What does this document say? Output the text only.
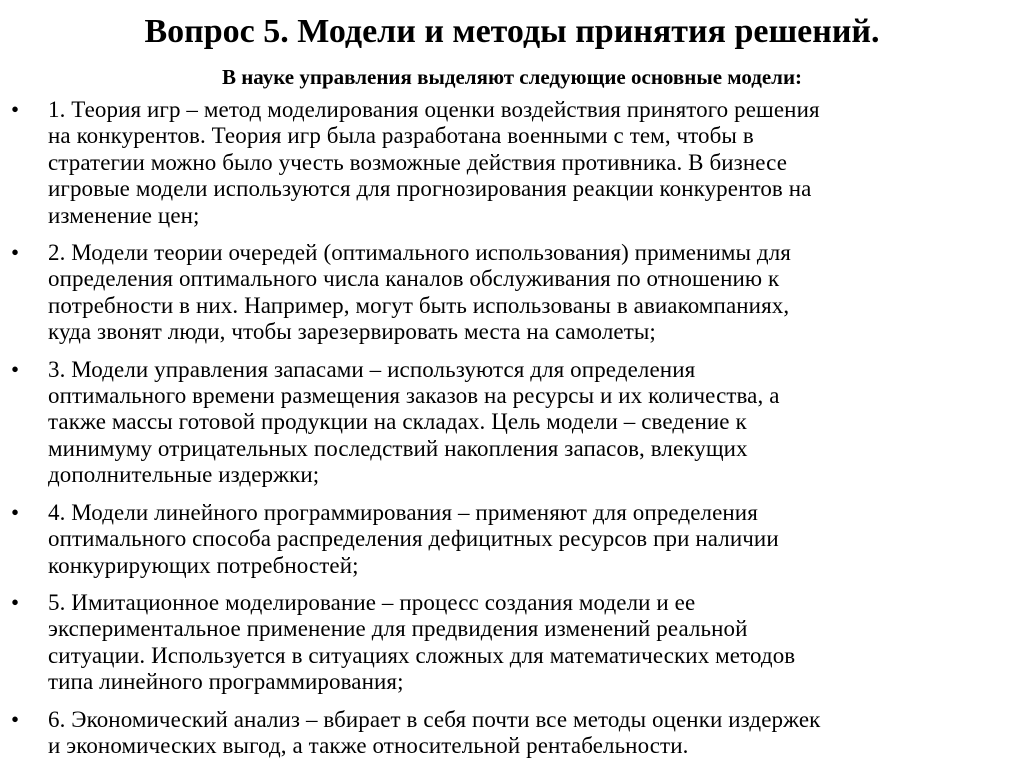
Вопрос 5. Модели и методы принятия решений.

В науке управления выделяют следующие основные модели:

• 1. Теория игр – метод моделирования оценки воздействия принятого решения
на конкурентов. Теория игр была разработана военными с тем, чтобы в
стратегии можно было учесть возможные действия противника. В бизнесе
игровые модели используются для прогнозирования реакции конкурентов на
изменение цен;
• 2. Модели теории очередей (оптимального использования) применимы для
определения оптимального числа каналов обслуживания по отношению к
потребности в них. Например, могут быть использованы в авиакомпаниях,
куда звонят люди, чтобы зарезервировать места на самолеты;
• 3. Модели управления запасами – используются для определения
оптимального времени размещения заказов на ресурсы и их количества, а
также массы готовой продукции на складах. Цель модели – сведение к
минимуму отрицательных последствий накопления запасов, влекущих
дополнительные издержки;
• 4. Модели линейного программирования – применяют для определения
оптимального способа распределения дефицитных ресурсов при наличии
конкурирующих потребностей;
• 5. Имитационное моделирование – процесс создания модели и ее
экспериментальное применение для предвидения изменений реальной
ситуации. Используется в ситуациях сложных для математических методов
типа линейного программирования;
• 6. Экономический анализ – вбирает в себя почти все методы оценки издержек
и экономических выгод, а также относительной рентабельности.
